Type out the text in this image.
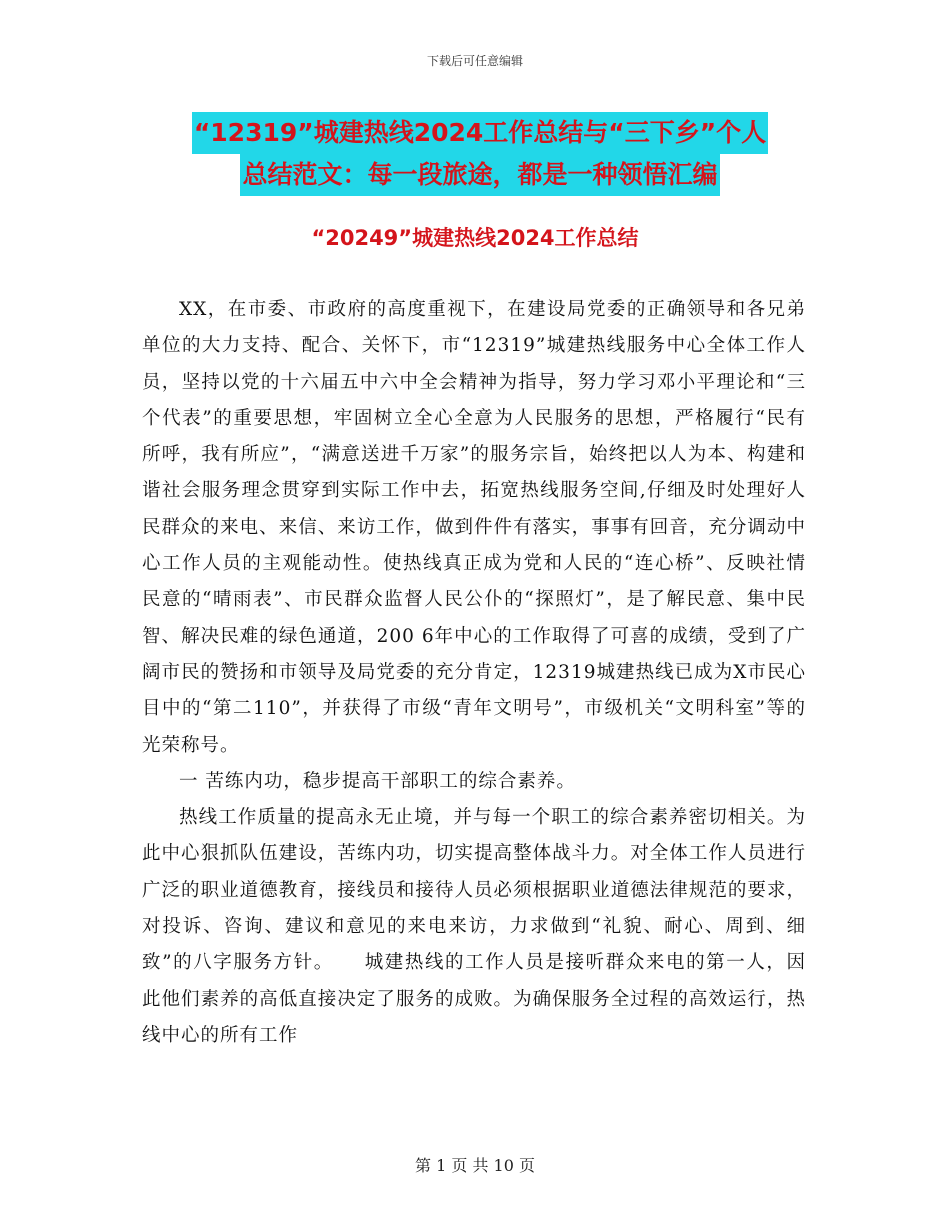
下载后可任意编辑
“12319”城建热线2024工作总结与“三下乡”个人
总结范文：每一段旅途，都是一种领悟汇编
“20249”城建热线2024工作总结

XX，在市委、市政府的高度重视下，在建设局党委的正确领导和各兄弟单位的大力支持、配合、关怀下，市“12319”城建热线服务中心全体工作人员，坚持以党的十六届五中六中全会精神为指导，努力学习邓小平理论和“三个代表”的重要思想，牢固树立全心全意为人民服务的思想，严格履行“民有所呼，我有所应”，“满意送进千万家”的服务宗旨，始终把以人为本、构建和谐社会服务理念贯穿到实际工作中去，拓宽热线服务空间,仔细及时处理好人民群众的来电、来信、来访工作，做到件件有落实，事事有回音，充分调动中心工作人员的主观能动性。使热线真正成为党和人民的“连心桥”、反映社情民意的“晴雨表”、市民群众监督人民公仆的“探照灯”，是了解民意、集中民智、解决民难的绿色通道，200 6年中心的工作取得了可喜的成绩，受到了广阔市民的赞扬和市领导及局党委的充分肯定，12319城建热线已成为X市民心目中的“第二110”，并获得了市级“青年文明号”，市级机关“文明科室”等的光荣称号。

一 苦练内功，稳步提高干部职工的综合素养。

热线工作质量的提高永无止境，并与每一个职工的综合素养密切相关。为此中心狠抓队伍建设，苦练内功，切实提高整体战斗力。对全体工作人员进行广泛的职业道德教育，接线员和接待人员必须根据职业道德法律规范的要求，对投诉、咨询、建议和意见的来电来访，力求做到“礼貌、耐心、周到、细致”的八字服务方针。　　城建热线的工作人员是接听群众来电的第一人，因此他们素养的高低直接决定了服务的成败。为确保服务全过程的高效运行，热线中心的所有工作

第 1 页 共 10 页
